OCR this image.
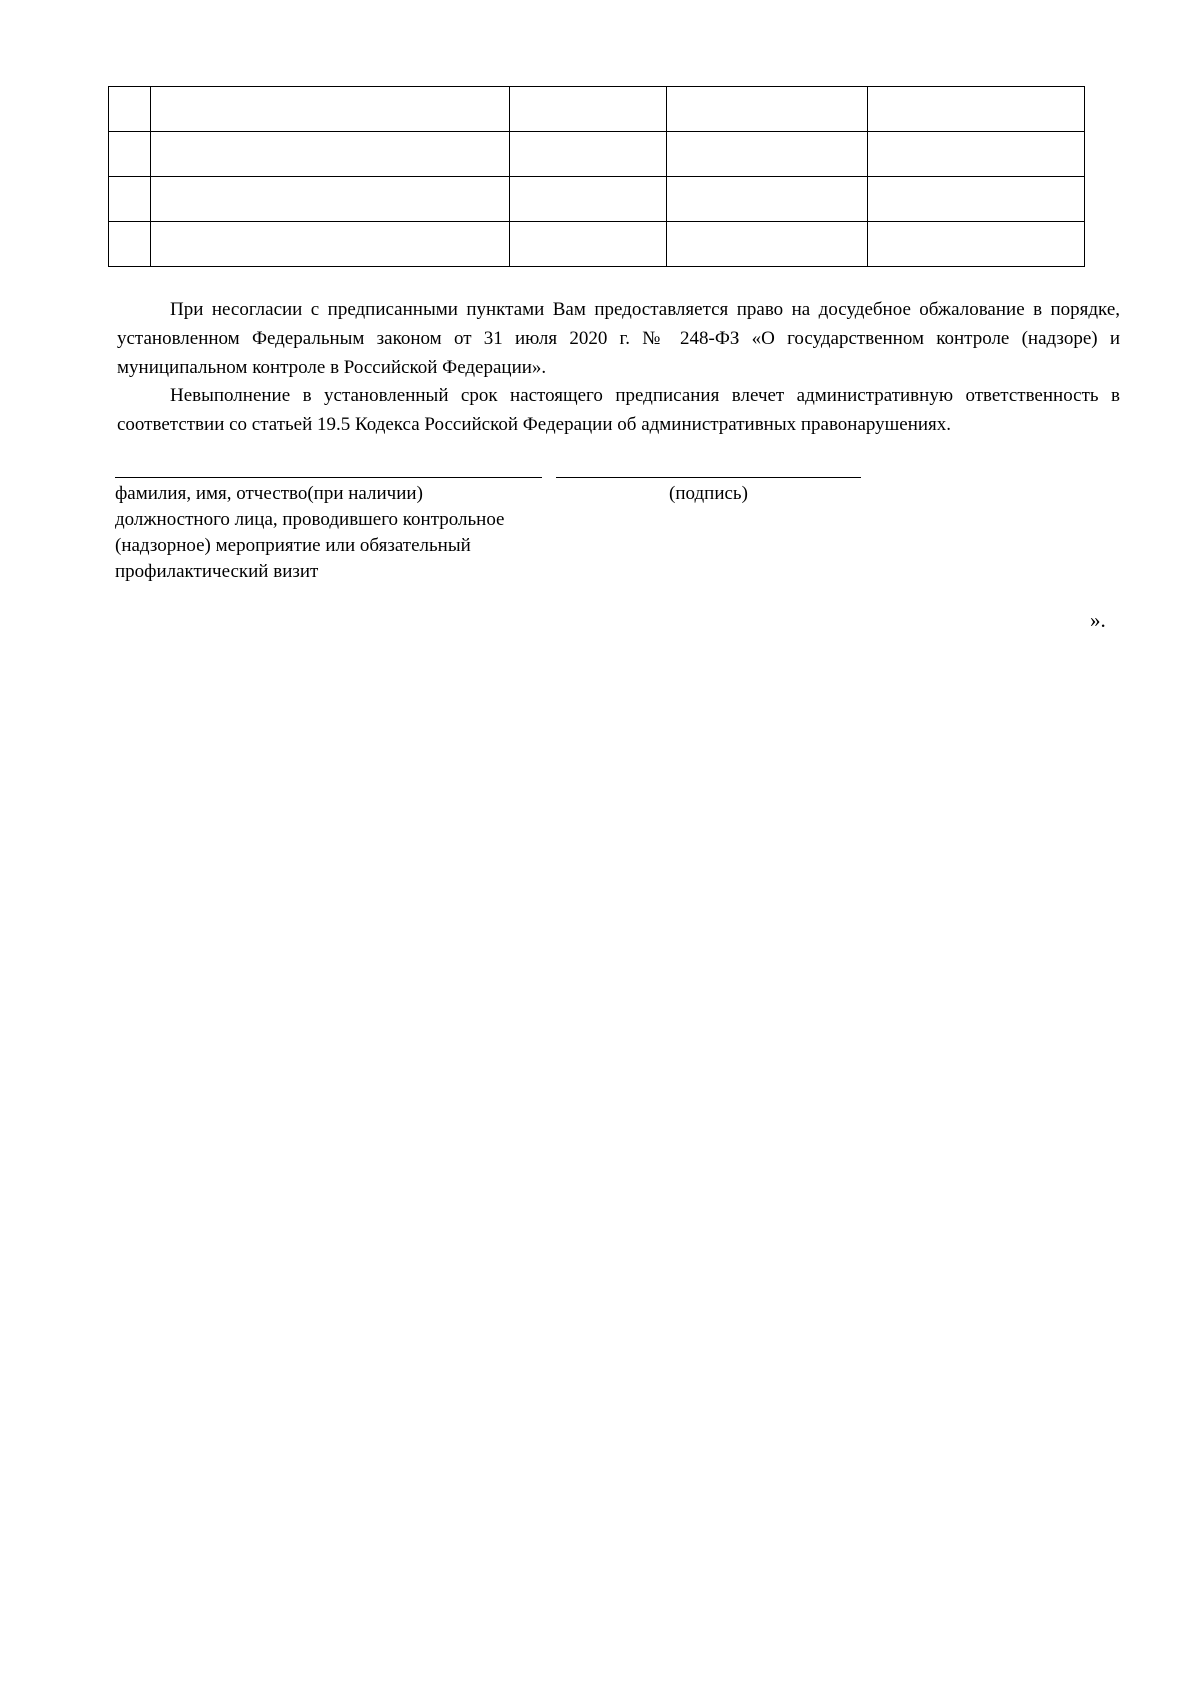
При несогласии с предписанными пунктами Вам предоставляется право на досудебное обжалование в порядке, установленном Федеральным законом от 31 июля 2020 г. № 248-ФЗ «О государственном контроле (надзоре) и муниципальном контроле в Российской Федерации».

Невыполнение в установленный срок настоящего предписания влечет административную ответственность в соответствии со статьей 19.5 Кодекса Российской Федерации об административных правонарушениях.

фамилия, имя, отчество(при наличии)
должностного лица, проводившего контрольное
(надзорное) мероприятие или обязательный
профилактический визит
(подпись)
».
